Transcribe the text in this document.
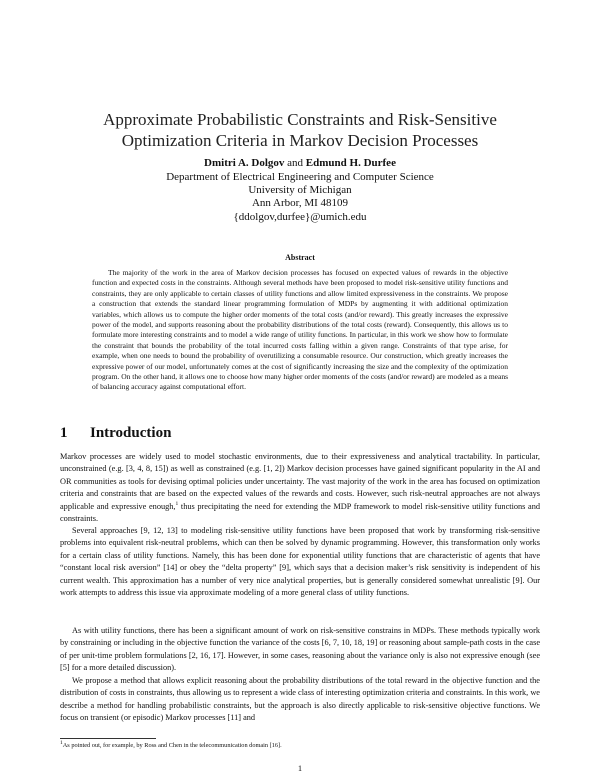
Approximate Probabilistic Constraints and Risk-Sensitive
Optimization Criteria in Markov Decision Processes
Dmitri A. Dolgov and Edmund H. Durfee
Department of Electrical Engineering and Computer Science
University of Michigan
Ann Arbor, MI 48109
{ddolgov,durfee}@umich.edu
Abstract

The majority of the work in the area of Markov decision processes has focused on expected values of rewards in the objective function and expected costs in the constraints. Although several methods have been proposed to model risk-sensitive utility functions and constraints, they are only applicable to certain classes of utility functions and allow limited expressiveness in the constraints. We propose a construction that extends the standard linear programming formulation of MDPs by augmenting it with additional optimization variables, which allows us to compute the higher order moments of the total costs (and/or reward). This greatly increases the expressive power of the model, and supports reasoning about the probability distributions of the total costs (reward). Consequently, this allows us to formulate more interesting constraints and to model a wide range of utility functions. In particular, in this work we show how to formulate the constraint that bounds the probability of the total incurred costs falling within a given range. Constraints of that type arise, for example, when one needs to bound the probability of overutilizing a consumable resource. Our construction, which greatly increases the expressive power of our model, unfortunately comes at the cost of significantly increasing the size and the complexity of the optimization program. On the other hand, it allows one to choose how many higher order moments of the costs (and/or reward) are modeled as a means of balancing accuracy against computational effort.

1 Introduction

Markov processes are widely used to model stochastic environments, due to their expressiveness and analytical tractability. In particular, unconstrained (e.g. [3, 4, 8, 15]) as well as constrained (e.g. [1, 2]) Markov decision processes have gained significant popularity in the AI and OR communities as tools for devising optimal policies under uncertainty. The vast majority of the work in the area has focused on optimization criteria and constraints that are based on the expected values of the rewards and costs. However, such risk-neutral approaches are not always applicable and expressive enough,$^1$ thus precipitating the need for extending the MDP framework to model risk-sensitive utility functions and constraints.

Several approaches [9, 12, 13] to modeling risk-sensitive utility functions have been proposed that work by transforming risk-sensitive problems into equivalent risk-neutral problems, which can then be solved by dynamic programming. However, this transformation only works for a certain class of utility functions. Namely, this has been done for exponential utility functions that are characteristic of agents that have “constant local risk aversion” [14] or obey the “delta property” [9], which says that a decision maker’s risk sensitivity is independent of his current wealth. This approximation has a number of very nice analytical properties, but is generally considered somewhat unrealistic [9]. Our work attempts to address this issue via approximate modeling of a more general class of utility functions.

As with utility functions, there has been a significant amount of work on risk-sensitive constrains in MDPs. These methods typically work by constraining or including in the objective function the variance of the costs [6, 7, 10, 18, 19] or reasoning about sample-path costs in the case of per unit-time problem formulations [2, 16, 17]. However, in some cases, reasoning about the variance only is also not expressive enough (see [5] for a more detailed discussion).

We propose a method that allows explicit reasoning about the probability distributions of the total reward in the objective function and the distribution of costs in constraints, thus allowing us to represent a wide class of interesting optimization criteria and constraints. In this work, we describe a method for handling probabilistic constraints, but the approach is also directly applicable to risk-sensitive objective functions. We focus on transient (or episodic) Markov processes [11] and

$^1$As pointed out, for example, by Ross and Chen in the telecommunication domain [16].
1
